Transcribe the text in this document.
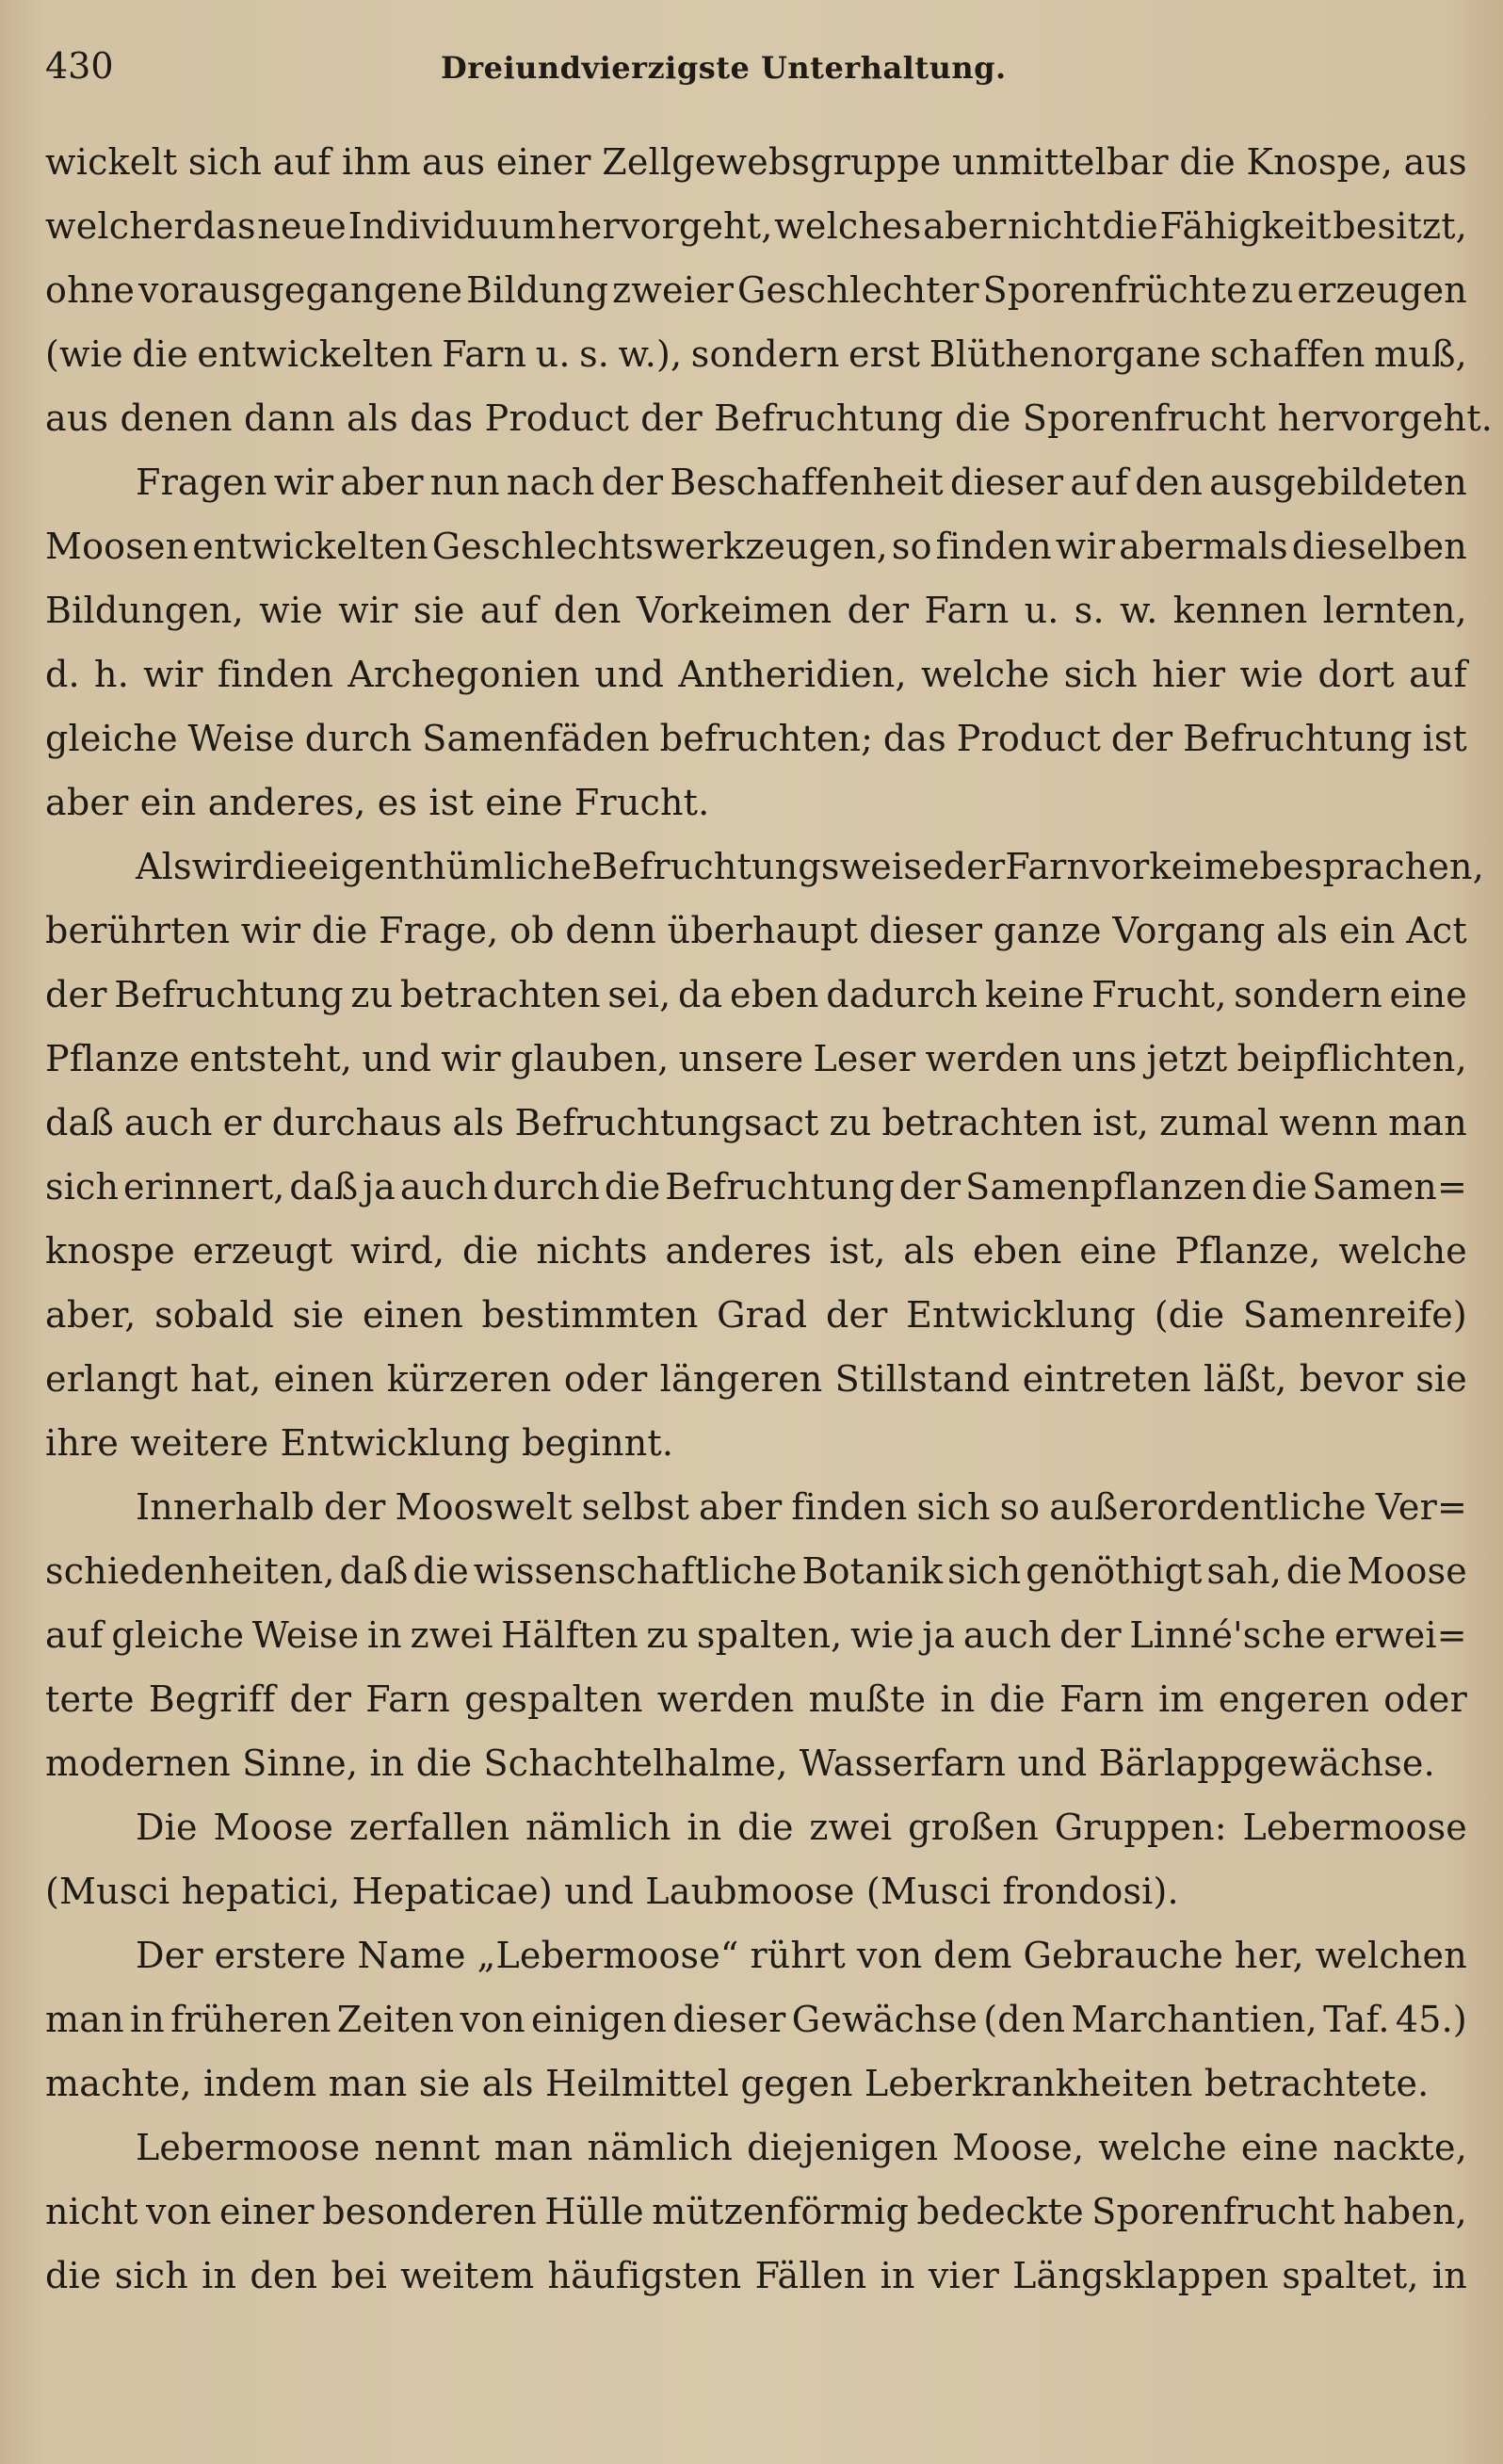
430	Dreiundvierzigste Unterhaltung.
wickelt sich auf ihm aus einer Zellgewebsgruppe unmittelbar die Knospe, aus
welcher das neue Individuum hervorgeht, welches aber nicht die Fähigkeit besitzt,
ohne vorausgegangene Bildung zweier Geschlechter Sporenfrüchte zu erzeugen
(wie die entwickelten Farn u. s. w.), sondern erst Blüthenorgane schaffen muß,
aus denen dann als das Product der Befruchtung die Sporenfrucht hervorgeht.
Fragen wir aber nun nach der Beschaffenheit dieser auf den ausgebildeten
Moosen entwickelten Geschlechtswerkzeugen, so finden wir abermals dieselben
Bildungen, wie wir sie auf den Vorkeimen der Farn u. s. w. kennen lernten,
d. h. wir finden Archegonien und Antheridien, welche sich hier wie dort auf
gleiche Weise durch Samenfäden befruchten; das Product der Befruchtung ist
aber ein anderes, es ist eine Frucht.
Als wir die eigenthümliche Befruchtungsweise der Farnvorkeime besprachen,
berührten wir die Frage, ob denn überhaupt dieser ganze Vorgang als ein Act
der Befruchtung zu betrachten sei, da eben dadurch keine Frucht, sondern eine
Pflanze entsteht, und wir glauben, unsere Leser werden uns jetzt beipflichten,
daß auch er durchaus als Befruchtungsact zu betrachten ist, zumal wenn man
sich erinnert, daß ja auch durch die Befruchtung der Samenpflanzen die Samen=
knospe erzeugt wird, die nichts anderes ist, als eben eine Pflanze, welche
aber, sobald sie einen bestimmten Grad der Entwicklung (die Samenreife)
erlangt hat, einen kürzeren oder längeren Stillstand eintreten läßt, bevor sie
ihre weitere Entwicklung beginnt.
Innerhalb der Mooswelt selbst aber finden sich so außerordentliche Ver=
schiedenheiten, daß die wissenschaftliche Botanik sich genöthigt sah, die Moose
auf gleiche Weise in zwei Hälften zu spalten, wie ja auch der Linné'sche erwei=
terte Begriff der Farn gespalten werden mußte in die Farn im engeren oder
modernen Sinne, in die Schachtelhalme, Wasserfarn und Bärlappgewächse.
Die Moose zerfallen nämlich in die zwei großen Gruppen: Lebermoose
(Musci hepatici, Hepaticae) und Laubmoose (Musci frondosi).
Der erstere Name „Lebermoose“ rührt von dem Gebrauche her, welchen
man in früheren Zeiten von einigen dieser Gewächse (den Marchantien, Taf. 45.)
machte, indem man sie als Heilmittel gegen Leberkrankheiten betrachtete.
Lebermoose nennt man nämlich diejenigen Moose, welche eine nackte,
nicht von einer besonderen Hülle mützenförmig bedeckte Sporenfrucht haben,
die sich in den bei weitem häufigsten Fällen in vier Längsklappen spaltet, in
